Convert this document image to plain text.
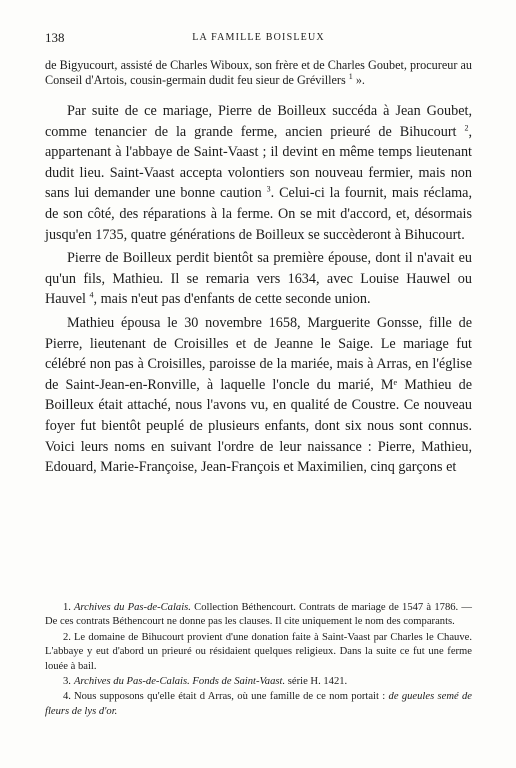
138	LA FAMILLE BOISLEUX

de Bigyucourt, assisté de Charles Wiboux, son frère et de Charles Goubet, procureur au Conseil d'Artois, cousin-germain dudit feu sieur de Grévillers $^1$ ».

Par suite de ce mariage, Pierre de Boilleux succéda à Jean Goubet, comme tenancier de la grande ferme, ancien prieuré de Bihucourt $^2$, appartenant à l'abbaye de Saint-Vaast ; il devint en même temps lieutenant dudit lieu. Saint-Vaast accepta volontiers son nouveau fermier, mais non sans lui demander une bonne caution $^3$. Celui-ci la fournit, mais réclama, de son côté, des réparations à la ferme. On se mit d'accord, et, désormais jusqu'en 1735, quatre générations de Boilleux se succèderont à Bihucourt.

Pierre de Boilleux perdit bientôt sa première épouse, dont il n'avait eu qu'un fils, Mathieu. Il se remaria vers 1634, avec Louise Hauwel ou Hauvel $^4$, mais n'eut pas d'enfants de cette seconde union.

Mathieu épousa le 30 novembre 1658, Marguerite Gonsse, fille de Pierre, lieutenant de Croisilles et de Jeanne le Saige. Le mariage fut célébré non pas à Croisilles, paroisse de la mariée, mais à Arras, en l'église de Saint-Jean-en-Ronville, à laquelle l'oncle du marié, Mᵉ Mathieu de Boilleux était attaché, nous l'avons vu, en qualité de Coustre. Ce nouveau foyer fut bientôt peuplé de plusieurs enfants, dont six nous sont connus. Voici leurs noms en suivant l'ordre de leur naissance : Pierre, Mathieu, Edouard, Marie-Françoise, Jean-François et Maximilien, cinq garçons et

1. Archives du Pas-de-Calais. Collection Béthencourt. Contrats de mariage de 1547 à 1786. — De ces contrats Béthencourt ne donne pas les clauses. Il cite uniquement le nom des comparants.

2. Le domaine de Bihucourt provient d'une donation faite à Saint-Vaast par Charles le Chauve. L'abbaye y eut d'abord un prieuré ou résidaient quelques religieux. Dans la suite ce fut une ferme louée à bail.

3. Archives du Pas-de-Calais. Fonds de Saint-Vaast. série H. 1421.

4. Nous supposons qu'elle était d Arras, où une famille de ce nom portait : de gueules semé de fleurs de lys d'or.
